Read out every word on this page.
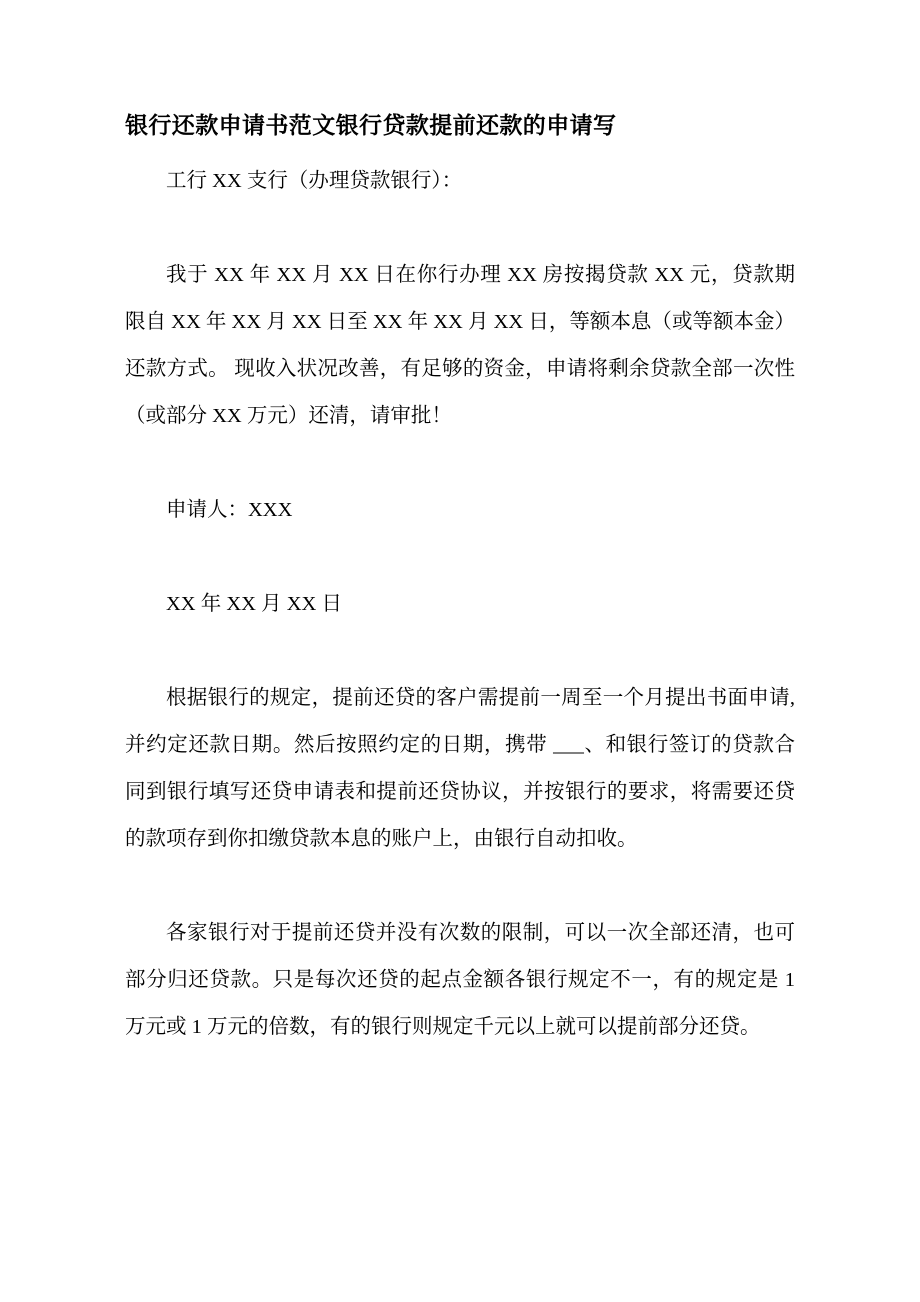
银行还款申请书范文银行贷款提前还款的申请写

工行 XX 支行（办理贷款银行）：

我于 XX 年 XX 月 XX 日在你行办理 XX 房按揭贷款 XX 元，贷款期限自 XX 年 XX 月 XX 日至 XX 年 XX 月 XX 日，等额本息（或等额本金）还款方式。 现收入状况改善，有足够的资金，申请将剩余贷款全部一次性（或部分 XX 万元）还清，请审批！

申请人：XXX

XX 年 XX 月 XX 日

根据银行的规定，提前还贷的客户需提前一周至一个月提出书面申请, 并约定还款日期。然后按照约定的日期，携带 ___、和银行签订的贷款合同到银行填写还贷申请表和提前还贷协议，并按银行的要求，将需要还贷的款项存到你扣缴贷款本息的账户上，由银行自动扣收。

各家银行对于提前还贷并没有次数的限制，可以一次全部还清，也可部分归还贷款。只是每次还贷的起点金额各银行规定不一，有的规定是 1 万元或 1 万元的倍数，有的银行则规定千元以上就可以提前部分还贷。
